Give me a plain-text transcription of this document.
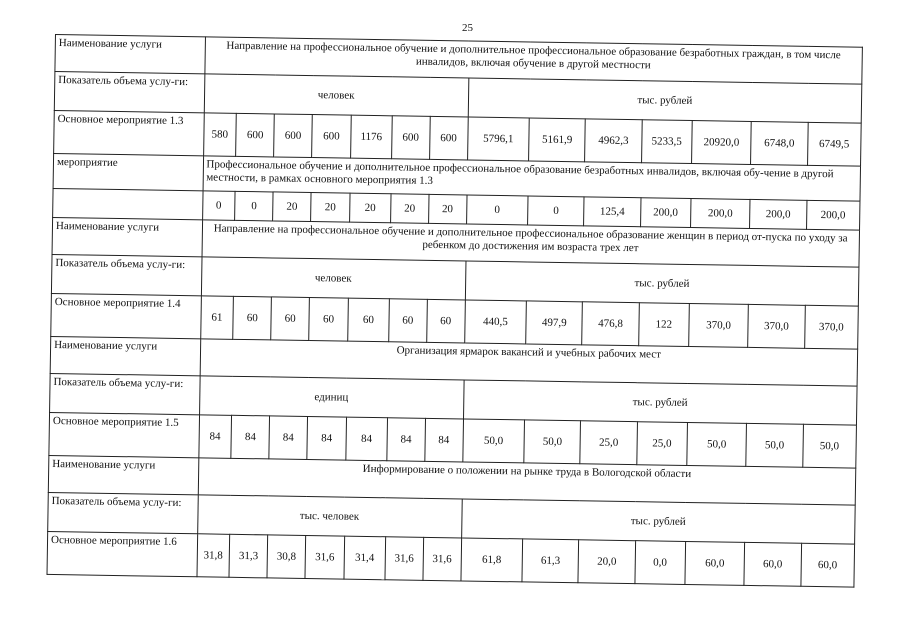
25
Наименование услуги	Направление на профессиональное обучение и дополнительное профессиональное образование безработных граждан, в том числе инвалидов, включая обучение в другой местности													
Показатель объема услу-ги:	человек							тыс. рублей						
Основное мероприятие 1.3	580	600	600	600	1176	600	600	5796,1	5161,9	4962,3	5233,5	20920,0	6748,0	6749,5
мероприятие	Профессиональное обучение и дополнительное профессиональное образование безработных инвалидов, включая обу-чение в другой местности, в рамках основного мероприятия 1.3													
	0	0	20	20	20	20	20	0	0	125,4	200,0	200,0	200,0	200,0
Наименование услуги	Направление на профессиональное обучение и дополнительное профессиональное образование женщин в период от-пуска по уходу за ребенком до достижения им возраста трех лет													
Показатель объема услу-ги:	человек							тыс. рублей						
Основное мероприятие 1.4	61	60	60	60	60	60	60	440,5	497,9	476,8	122	370,0	370,0	370,0
Наименование услуги	Организация ярмарок вакансий и учебных рабочих мест													
Показатель объема услу-ги:	единиц							тыс. рублей						
Основное мероприятие 1.5	84	84	84	84	84	84	84	50,0	50,0	25,0	25,0	50,0	50,0	50,0
Наименование услуги	Информирование о положении на рынке труда в Вологодской области													
Показатель объема услу-ги:	тыс. человек							тыс. рублей						
Основное мероприятие 1.6	31,8	31,3	30,8	31,6	31,4	31,6	31,6	61,8	61,3	20,0	0,0	60,0	60,0	60,0
